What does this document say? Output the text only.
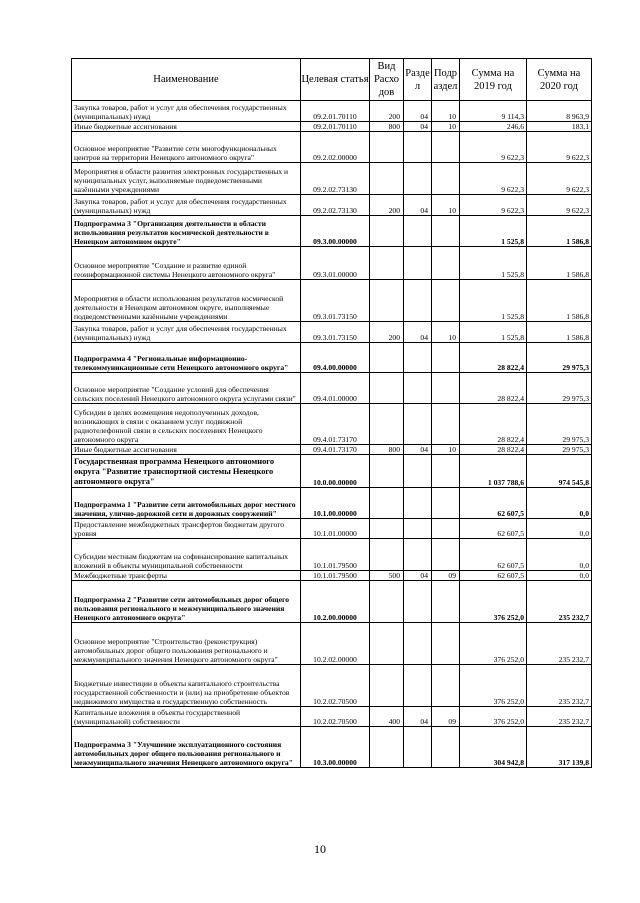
Наименование	Целевая статья	Вид Расхо дов	Разде л	Подр аздел	Сумма на 2019 год	Сумма на 2020 год
Закупка товаров, работ и услуг для обеспечения государственных (муниципальных) нужд	09.2.01.70110	200	04	10	9 114,3	8 963,9
Иные бюджетные ассигнования	09.2.01.70110	800	04	10	246,6	183,1
Основное мероприятие "Развитие сети многофункциональных центров на территории Ненецкого автономного округа"	09.2.02.00000				9 622,3	9 622,3
Мероприятия в области развития электронных государственных и муниципальных услуг, выполняемые подведомственными казёнными учреждениями	09.2.02.73130				9 622,3	9 622,3
Закупка товаров, работ и услуг для обеспечения государственных (муниципальных) нужд	09.2.02.73130	200	04	10	9 622,3	9 622,3
Подпрограмма 3 "Организация деятельности в области использования результатов космической деятельности в Ненецком автономном округе"	09.3.00.00000				1 525,8	1 586,8
Основное мероприятие "Создание и развитие единой геоинформационной системы Ненецкого автономного округа"	09.3.01.00000				1 525,8	1 586,8
Мероприятия в области использования результатов космической деятельности в Ненецком автономном округе, выполняемые подведомственными казёнными учреждениями	09.3.01.73150				1 525,8	1 586,8
Закупка товаров, работ и услуг для обеспечения государственных (муниципальных) нужд	09.3.01.73150	200	04	10	1 525,8	1 586,8
Подпрограмма 4 "Региональные информационно-телекоммуникационные сети Ненецкого автономного округа"	09.4.00.00000				28 822,4	29 975,3
Основное мероприятие "Создание условий для обеспечения сельских поселений Ненецкого автономного округа услугами связи"	09.4.01.00000				28 822,4	29 975,3
Субсидии в целях возмещения недополученных доходов, возникающих в связи с оказанием услуг подвижной радиотелефонной связи в сельских поселениях Ненецкого автономного округа	09.4.01.73170				28 822,4	29 975,3
Иные бюджетные ассигнования	09.4.01.73170	800	04	10	28 822,4	29 975,3
Государственная программа Ненецкого автономного округа "Развитие транспортной системы Ненецкого автономного округа"	10.0.00.00000				1 037 788,6	974 545,8
Подпрограмма 1 "Развитие сети автомобильных дорог местного значения, улично-дорожной сети и дорожных сооружений"	10.1.00.00000				62 607,5	0,0
Предоставление межбюджетных трансфертов бюджетам другого уровня	10.1.01.00000				62 607,5	0,0
Субсидии местным бюджетам на софинансирование капитальных вложений в объекты муниципальной собственности	10.1.01.79500				62 607,5	0,0
Межбюджетные трансферты	10.1.01.79500	500	04	09	62 607,5	0,0
Подпрограмма 2 "Развитие сети автомобильных дорог общего пользования регионального и межмуниципального значения Ненецкого автономного округа"	10.2.00.00000				376 252,0	235 232,7
Основное мероприятие "Строительство (реконструкция) автомобильных дорог общего пользования регионального и межмуниципального значения Ненецкого автономного округа"	10.2.02.00000				376 252,0	235 232,7
Бюджетные инвестиции в объекты капитального строительства государственной собственности и (или) на приобретение объектов недвижимого имущества в государственную собственность	10.2.02.70500				376 252,0	235 232,7
Капитальные вложения в объекты государственной (муниципальной) собственности	10.2.02.70500	400	04	09	376 252,0	235 232,7
Подпрограмма 3 "Улучшение эксплуатационного состояния автомобильных дорог общего пользования регионального и межмуниципального значения Ненецкого автономного округа"	10.3.00.00000				304 942,8	317 139,8
10
